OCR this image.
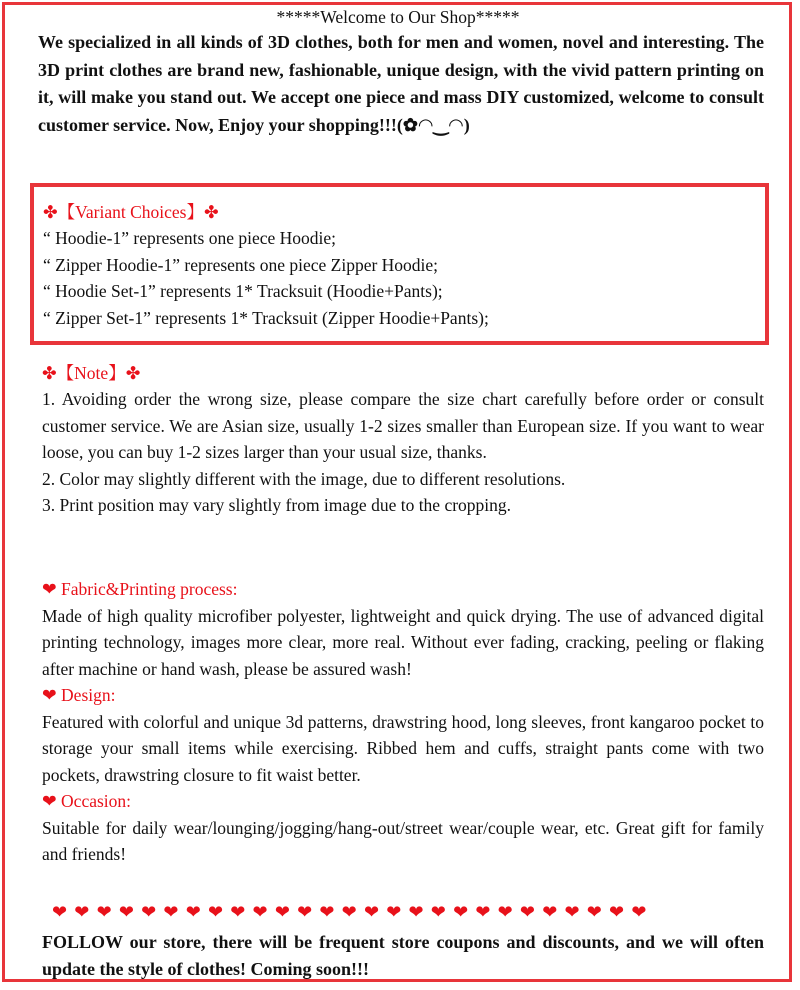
*****Welcome to Our Shop*****
We specialized in all kinds of 3D clothes, both for men and women, novel and interesting. The 3D print clothes are brand new, fashionable, unique design, with the vivid pattern printing on it, will make you stand out. We accept one piece and mass DIY customized, welcome to consult customer service. Now, Enjoy your shopping!!!(✿◠‿◠)
✤【Variant Choices】✤
“ Hoodie-1” represents one piece Hoodie;
“ Zipper Hoodie-1” represents one piece Zipper Hoodie;
“ Hoodie Set-1” represents 1* Tracksuit (Hoodie+Pants);
“ Zipper Set-1” represents 1* Tracksuit (Zipper Hoodie+Pants);
✤【Note】✤
1. Avoiding order the wrong size, please compare the size chart carefully before order or consult customer service. We are Asian size, usually 1-2 sizes smaller than European size. If you want to wear loose, you can buy 1-2 sizes larger than your usual size, thanks.
2. Color may slightly different with the image, due to different resolutions.
3. Print position may vary slightly from image due to the cropping.
❤ Fabric&Printing process:
Made of high quality microfiber polyester, lightweight and quick drying. The use of advanced digital printing technology, images more clear, more real. Without ever fading, cracking, peeling or flaking after machine or hand wash, please be assured wash!
❤ Design:
Featured with colorful and unique 3d patterns, drawstring hood, long sleeves, front kangaroo pocket to storage your small items while exercising. Ribbed hem and cuffs, straight pants come with two pockets, drawstring closure to fit waist better.
❤ Occasion:
Suitable for daily wear/lounging/jogging/hang-out/street wear/couple wear, etc. Great gift for family and friends!
❤❤❤❤❤❤❤❤❤❤❤❤❤❤❤❤❤❤❤❤❤❤❤❤❤❤❤
FOLLOW our store, there will be frequent store coupons and discounts, and we will often update the style of clothes! Coming soon!!!
